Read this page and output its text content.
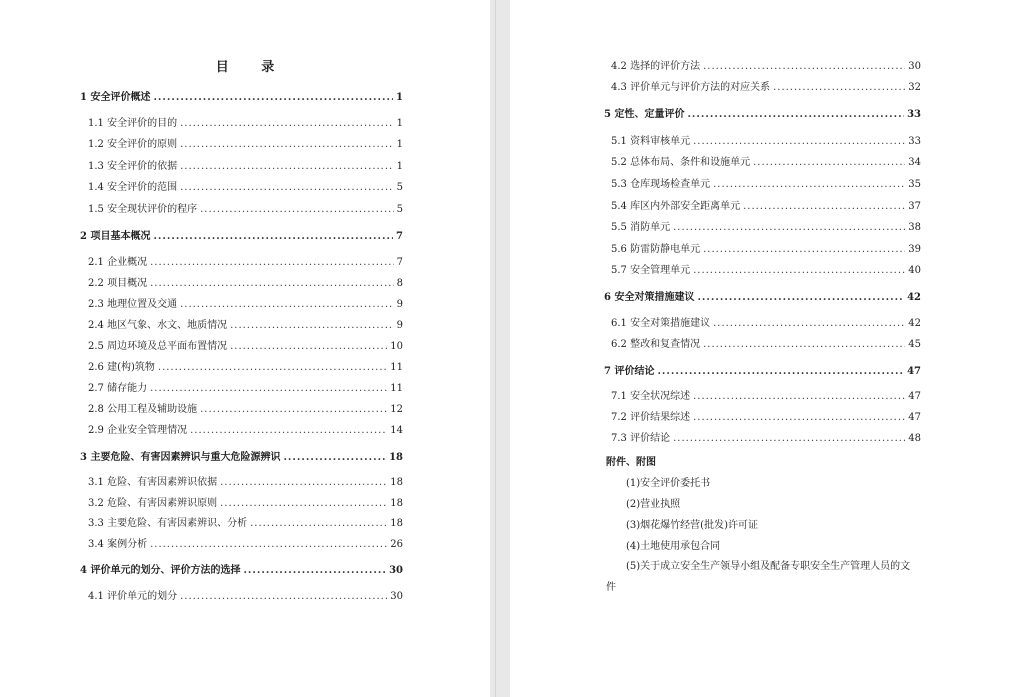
目 录
1 安全评价概述 .....	1
1.1 安全评价的目的 .....	1
1.2 安全评价的原则 .....	1
1.3 安全评价的依据 .....	1
1.4 安全评价的范围 .....	5
1.5 安全现状评价的程序 .....	5
2 项目基本概况 .....	7
2.1 企业概况 .....	7
2.2 项目概况 .....	8
2.3 地理位置及交通 .....	9
2.4 地区气象、水文、地质情况 .....	9
2.5 周边环境及总平面布置情况 .....	10
2.6 建(构)筑物 .....	11
2.7 储存能力 .....	11
2.8 公用工程及辅助设施 .....	12
2.9 企业安全管理情况 .....	14
3 主要危险、有害因素辨识与重大危险源辨识 .....	18
3.1 危险、有害因素辨识依据 .....	18
3.2 危险、有害因素辨识原则 .....	18
3.3 主要危险、有害因素辨识、分析 .....	18
3.4 案例分析 .....	26
4 评价单元的划分、评价方法的选择 .....	30
4.1 评价单元的划分 .....	30
4.2 选择的评价方法 .....	30
4.3 评价单元与评价方法的对应关系 .....	32
5 定性、定量评价 .....	33
5.1 资料审核单元 .....	33
5.2 总体布局、条件和设施单元 .....	34
5.3 仓库现场检查单元 .....	35
5.4 库区内外部安全距离单元 .....	37
5.5 消防单元 .....	38
5.6 防雷防静电单元 .....	39
5.7 安全管理单元 .....	40
6 安全对策措施建议 .....	42
6.1 安全对策措施建议 .....	42
6.2 整改和复查情况 .....	45
7 评价结论 .....	47
7.1 安全状况综述 .....	47
7.2 评价结果综述 .....	47
7.3 评价结论 .....	48
附件、附图
(1)安全评价委托书
(2)营业执照
(3)烟花爆竹经营(批发)许可证
(4)土地使用承包合同
(5)关于成立安全生产领导小组及配备专职安全生产管理人员的文
件
